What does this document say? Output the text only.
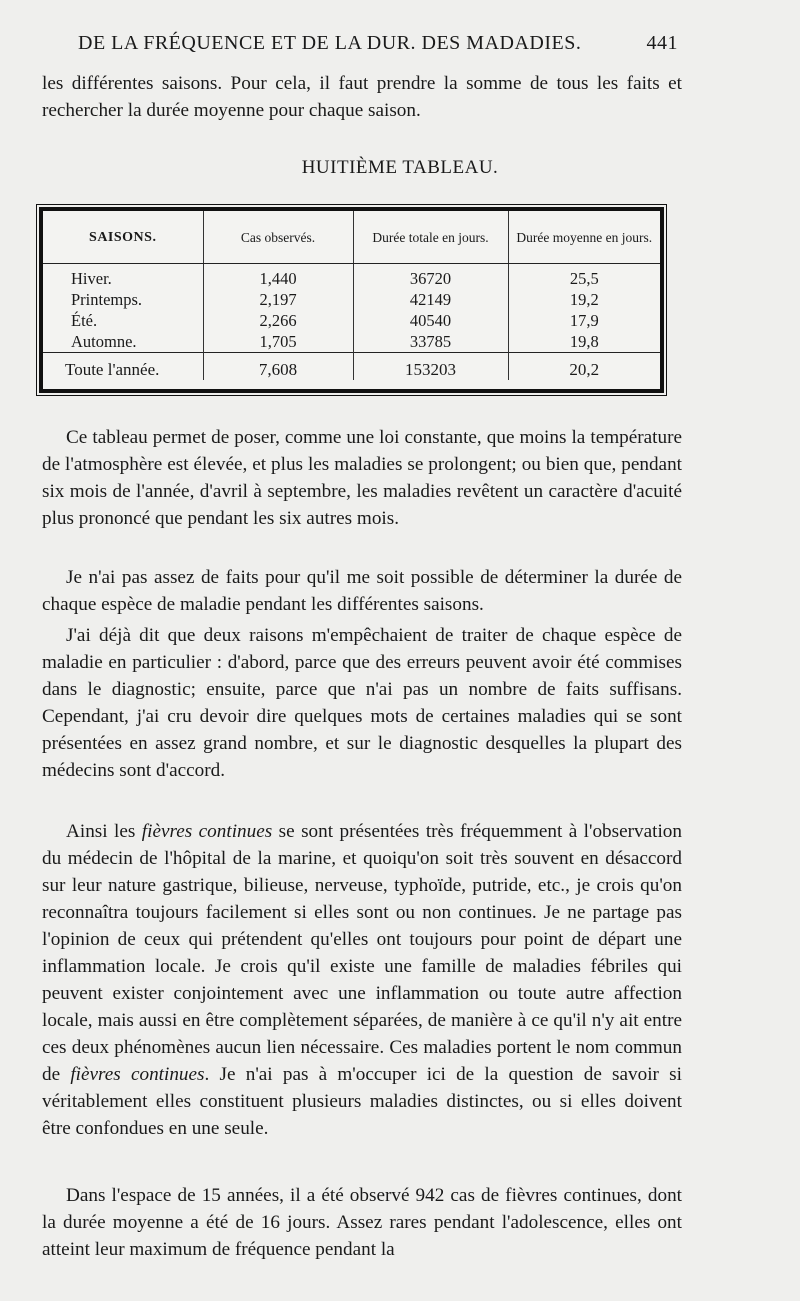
DE LA FRÉQUENCE ET DE LA DUR. DES MADADIES.	441

les différentes saisons. Pour cela, il faut prendre la somme de tous les faits et rechercher la durée moyenne pour chaque saison.

HUITIÈME TABLEAU.
SAISONS.	Cas observés.	Durée totale en jours.	Durée moyenne en jours.
Hiver.	1,440	36720	25,5
Printemps.	2,197	42149	19,2
Été.	2,266	40540	17,9
Automne.	1,705	33785	19,8
Toute l'année.	7,608	153203	20,2

Ce tableau permet de poser, comme une loi constante, que moins la température de l'atmosphère est élevée, et plus les maladies se prolongent; ou bien que, pendant six mois de l'année, d'avril à septembre, les maladies revêtent un caractère d'acuité plus prononcé que pendant les six autres mois.

Je n'ai pas assez de faits pour qu'il me soit possible de déterminer la durée de chaque espèce de maladie pendant les différentes saisons.

J'ai déjà dit que deux raisons m'empêchaient de traiter de chaque espèce de maladie en particulier : d'abord, parce que des erreurs peuvent avoir été commises dans le diagnostic; ensuite, parce que n'ai pas un nombre de faits suffisans. Cependant, j'ai cru devoir dire quelques mots de certaines maladies qui se sont présentées en assez grand nombre, et sur le diagnostic desquelles la plupart des médecins sont d'accord.

Ainsi les fièvres continues se sont présentées très fréquemment à l'observation du médecin de l'hôpital de la marine, et quoiqu'on soit très souvent en désaccord sur leur nature gastrique, bilieuse, nerveuse, typhoïde, putride, etc., je crois qu'on reconnaîtra toujours facilement si elles sont ou non continues. Je ne partage pas l'opinion de ceux qui prétendent qu'elles ont toujours pour point de départ une inflammation locale. Je crois qu'il existe une famille de maladies fébriles qui peuvent exister conjointement avec une inflammation ou toute autre affection locale, mais aussi en être complètement séparées, de manière à ce qu'il n'y ait entre ces deux phénomènes aucun lien nécessaire. Ces maladies portent le nom commun de fièvres continues. Je n'ai pas à m'occuper ici de la question de savoir si véritablement elles constituent plusieurs maladies distinctes, ou si elles doivent être confondues en une seule.

Dans l'espace de 15 années, il a été observé 942 cas de fièvres continues, dont la durée moyenne a été de 16 jours. Assez rares pendant l'adolescence, elles ont atteint leur maximum de fréquence pendant la
